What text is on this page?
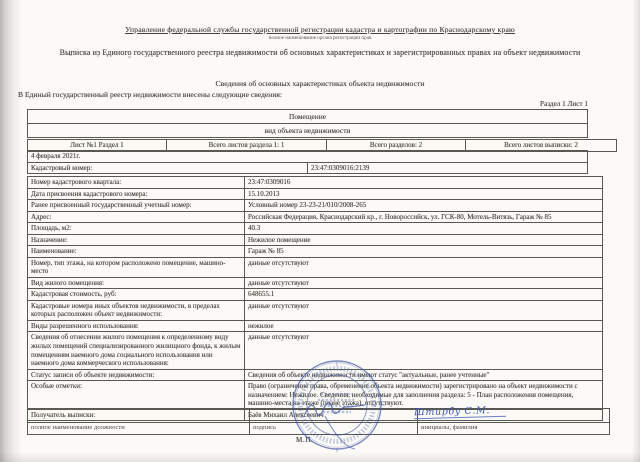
Управление федеральной службы государственной регистрации кадастра и картографии по Краснодарскому краю
полное наименование органа регистрации прав
Выписка из Единого государственного реестра недвижимости об основных характеристиках и зарегистрированных правах на объект недвижимости
Сведения об основных характеристиках объекта недвижимости
В Единый государственный реестр недвижимости внесены следующие сведения:
Раздел 1 Лист 1
Помещение
вид объекта недвижимости
Лист №1 Раздел 1	Всего листов раздела 1: 1	Всего разделов: 2	Всего листов выписки: 2
4 февраля 2021г.
Кадастровый номер:	23:47:0309016:2139
Номер кадастрового квартала:	23:47:0309016
Дата присвоения кадастрового номера:	15.10.2013
Ранее присвоенный государственный учетный номер:	Условный номер 23-23-21/010/2008-265
Адрес:	Российская Федерация, Краснодарский кр., г. Новороссийск, ул. ГСК-80, Мотель-Витязь, Гараж № 85
Площадь, м2:	40.3
Назначение:	Нежилое помещение
Наименование:	Гараж № 85
Номер, тип этажа, на котором расположено помещение, машино-место	данные отсутствуют
Вид жилого помещения:	данные отсутствуют
Кадастровая стоимость, руб:	648655.1
Кадастровые номера иных объектов недвижимости, в пределах которых расположен объект недвижимости:	данные отсутствуют
Виды разрешенного использования:	нежилое
Сведения об отнесении жилого помещения к определенному виду жилых помещений специализированного жилищного фонда, к жилым помещениям наемного дома социального использования или наемного дома коммерческого использования:	данные отсутствуют
Статус записи об объекте недвижимости:	Сведения об объекте недвижимости имеют статус "актуальные, ранее учтенные"
Особые отметки:	Право (ограничение права, обременение объекта недвижимости) зарегистрировано на объект недвижимости с назначением: Нежилое. Сведения, необходимые для заполнения раздела: 5 - План расположения помещения, машино-места на этаже (плане этажа), отсутствуют.
Получатель выписки:	Баёв Михаил Алексеевич

полное наименование должности	подпись	инициалы, фамилия
М.П.
Штирбу С.М.
